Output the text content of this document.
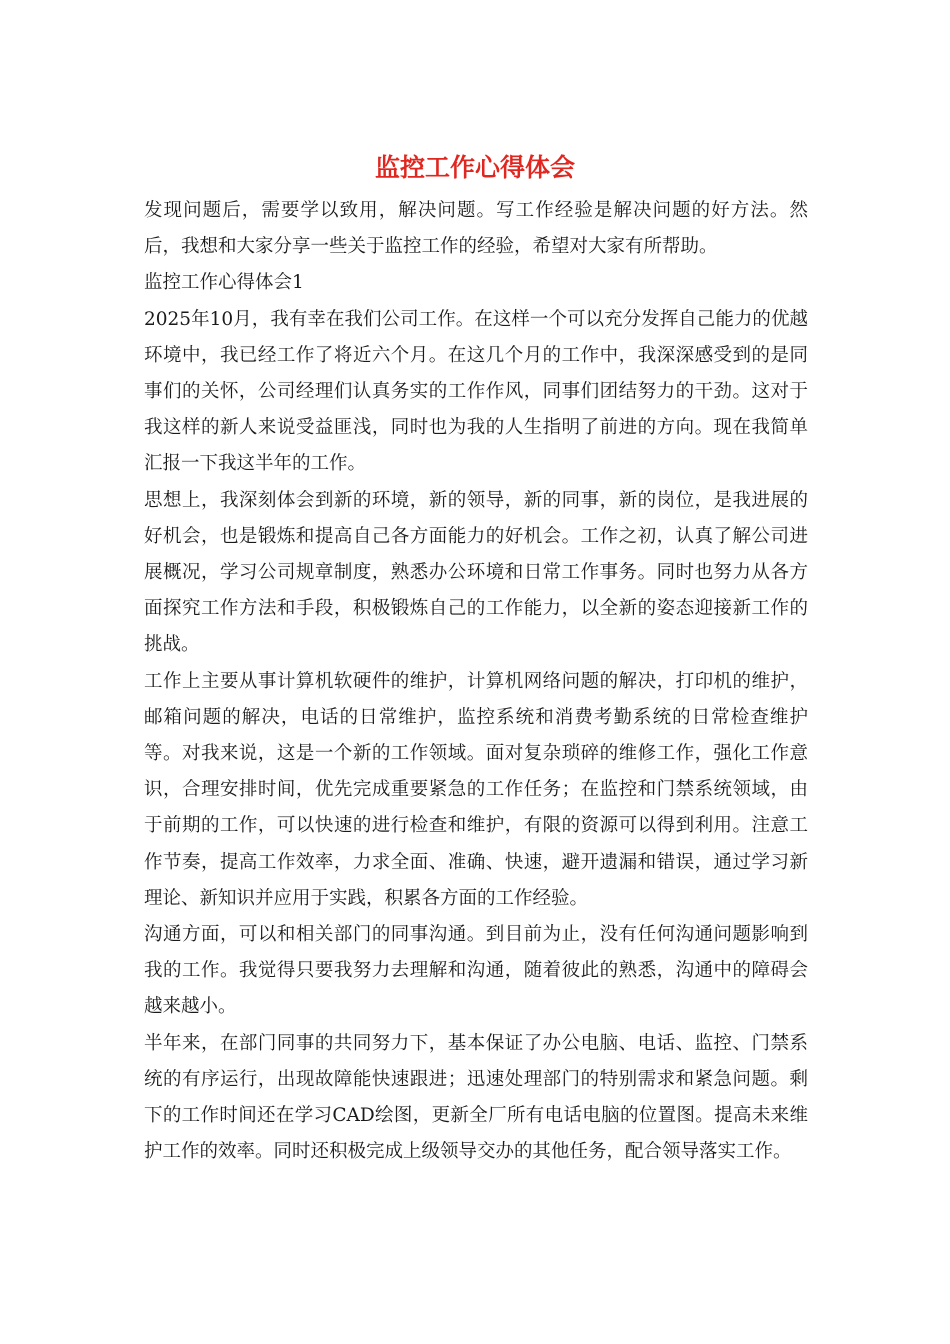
监控工作心得体会

发现问题后，需要学以致用，解决问题。写工作经验是解决问题的好方法。然后，我想和大家分享一些关于监控工作的经验，希望对大家有所帮助。

监控工作心得体会1

2025年10月，我有幸在我们公司工作。在这样一个可以充分发挥自己能力的优越环境中，我已经工作了将近六个月。在这几个月的工作中，我深深感受到的是同事们的关怀，公司经理们认真务实的工作作风，同事们团结努力的干劲。这对于我这样的新人来说受益匪浅，同时也为我的人生指明了前进的方向。现在我简单汇报一下我这半年的工作。

思想上，我深刻体会到新的环境，新的领导，新的同事，新的岗位，是我进展的好机会，也是锻炼和提高自己各方面能力的好机会。工作之初，认真了解公司进展概况，学习公司规章制度，熟悉办公环境和日常工作事务。同时也努力从各方面探究工作方法和手段，积极锻炼自己的工作能力，以全新的姿态迎接新工作的挑战。

工作上主要从事计算机软硬件的维护，计算机网络问题的解决，打印机的维护，邮箱问题的解决，电话的日常维护，监控系统和消费考勤系统的日常检查维护等。对我来说，这是一个新的工作领域。面对复杂琐碎的维修工作，强化工作意识，合理安排时间，优先完成重要紧急的工作任务；在监控和门禁系统领域，由于前期的工作，可以快速的进行检查和维护，有限的资源可以得到利用。注意工作节奏，提高工作效率，力求全面、准确、快速，避开遗漏和错误，通过学习新理论、新知识并应用于实践，积累各方面的工作经验。

沟通方面，可以和相关部门的同事沟通。到目前为止，没有任何沟通问题影响到我的工作。我觉得只要我努力去理解和沟通，随着彼此的熟悉，沟通中的障碍会越来越小。

半年来，在部门同事的共同努力下，基本保证了办公电脑、电话、监控、门禁系统的有序运行，出现故障能快速跟进；迅速处理部门的特别需求和紧急问题。剩下的工作时间还在学习CAD绘图，更新全厂所有电话电脑的位置图。提高未来维护工作的效率。同时还积极完成上级领导交办的其他任务，配合领导落实工作。
